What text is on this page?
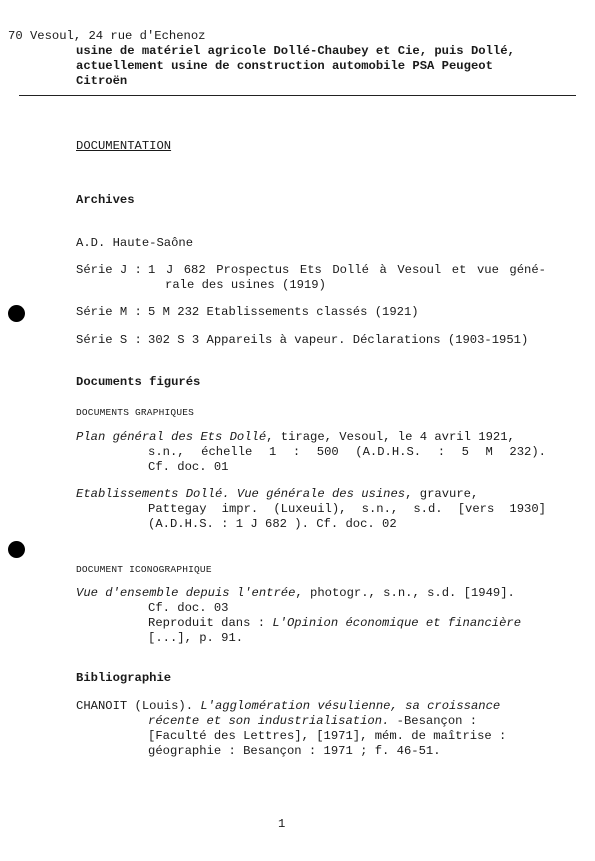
70 Vesoul, 24 rue d'Echenoz
usine de matériel agricole Dollé-Chaubey et Cie, puis Dollé,
actuellement usine de construction automobile PSA Peugeot
Citroën
DOCUMENTATION
Archives
A.D. Haute-Saône
Série J : 1 J 682 Prospectus Ets Dollé à Vesoul et vue géné-
rale des usines (1919)
Série M : 5 M 232 Etablissements classés (1921)
Série S : 302 S 3 Appareils à vapeur. Déclarations (1903-1951)
Documents figurés
DOCUMENTS GRAPHIQUES
Plan général des Ets Dollé, tirage, Vesoul, le 4 avril 1921,
s.n., échelle 1 : 500 (A.D.H.S. : 5 M 232).
Cf. doc. 01
Etablissements Dollé. Vue générale des usines, gravure,
Pattegay impr. (Luxeuil), s.n., s.d. [vers 1930]
(A.D.H.S. : 1 J 682 ). Cf. doc. 02
DOCUMENT ICONOGRAPHIQUE
Vue d'ensemble depuis l'entrée, photogr., s.n., s.d. [1949].
Cf. doc. 03
Reproduit dans : L'Opinion économique et financière
[...], p. 91.
Bibliographie
CHANOIT (Louis). L'agglomération vésulienne, sa croissance
récente et son industrialisation. -Besançon :
[Faculté des Lettres], [1971], mém. de maîtrise :
géographie : Besançon : 1971 ; f. 46-51.
1
